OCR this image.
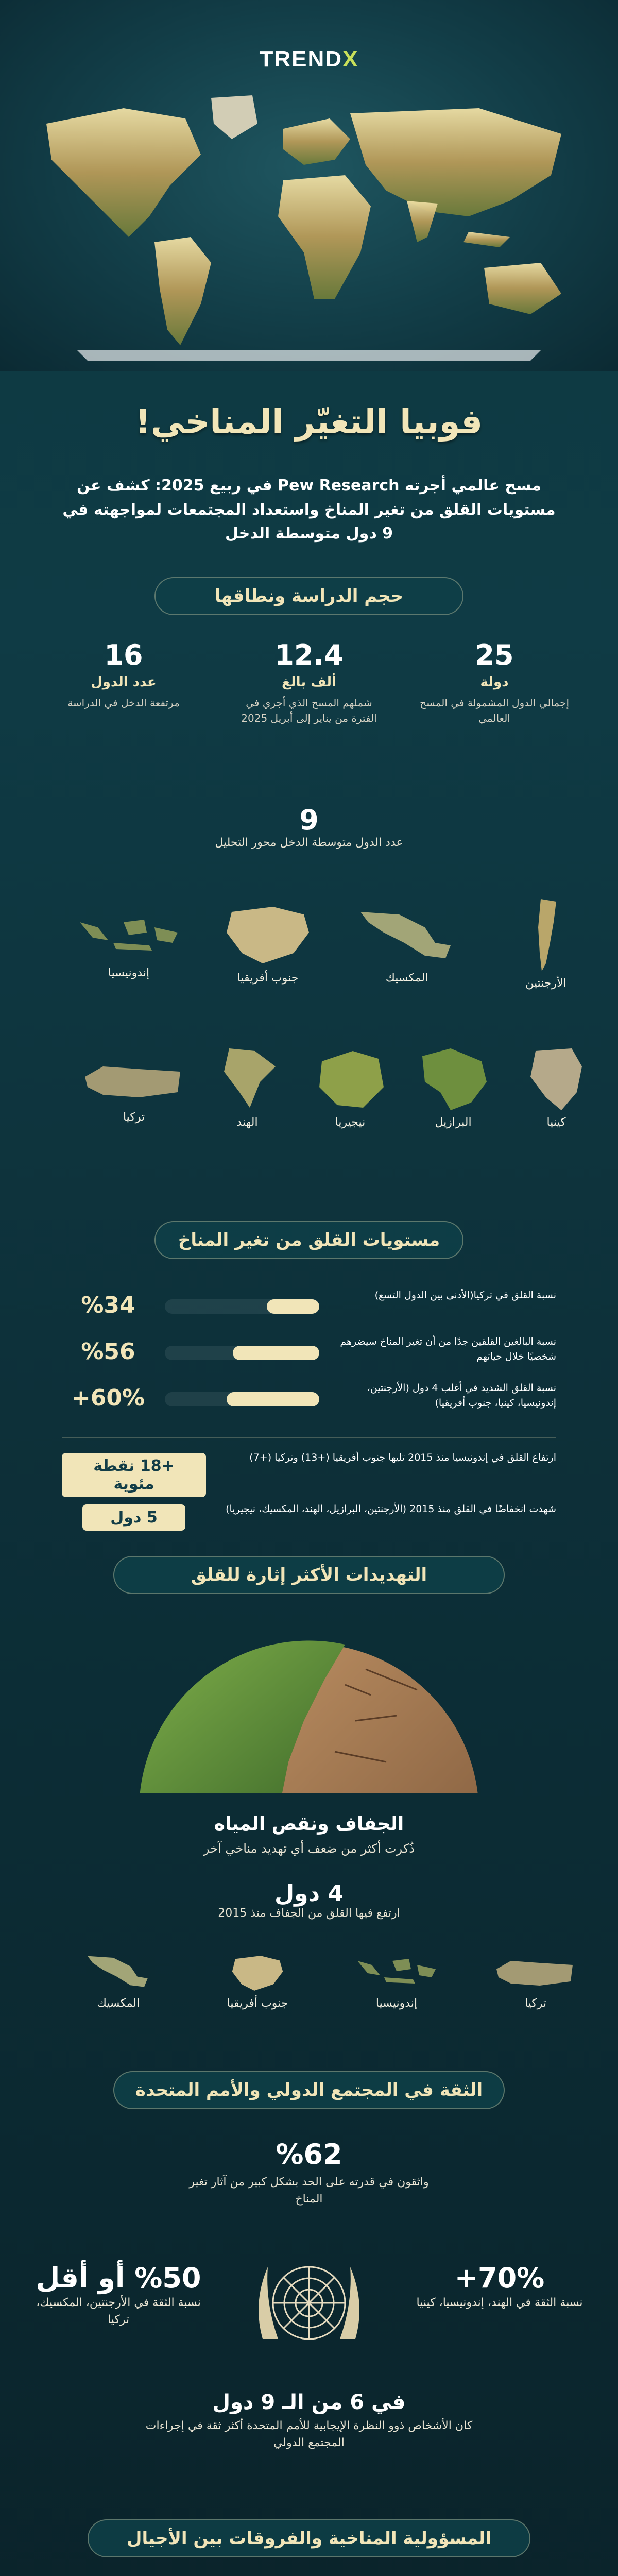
TRENDX
فوبيا التغيّر المناخي!
مسح عالمي أجرته Pew Research في ربيع 2025: كشف عن مستويات القلق من تغير المناخ واستعداد المجتمعات لمواجهته في 9 دول متوسطة الدخل
حجم الدراسة ونطاقها
25
دولة
إجمالي الدول المشمولة في المسح العالمي
12.4
ألف بالغ
شملهم المسح الذي أجري في الفترة من يناير إلى أبريل 2025
16
عدد الدول
مرتفعة الدخل في الدراسة
9
عدد الدول متوسطة الدخل محور التحليل
الأرجنتين
المكسيك
جنوب أفريقيا
إندونيسيا
كينيا
البرازيل
نيجيريا
الهند
تركيا
مستويات القلق من تغير المناخ
%34	نسبة القلق في تركيا(الأدنى بين الدول التسع)
%56	نسبة البالغين القلقين جدًا من أن تغير المناخ سيضرهم شخصيًا خلال حياتهم
+60%	نسبة القلق الشديد في أغلب 4 دول (الأرجنتين، إندونيسيا، كينيا، جنوب أفريقيا)
+18 نقطة مئوية
ارتفاع القلق في إندونيسيا منذ 2015 تليها جنوب أفريقيا (+13) وتركيا (+7)
5 دول	شهدت انخفاضًا في القلق منذ 2015 (الأرجنتين، البرازيل، الهند، المكسيك، نيجيريا)
التهديدات الأكثر إثارة للقلق
الجفاف ونقص المياه
ذُكرت أكثر من ضعف أي تهديد مناخي آخر
4 دول
ارتفع فيها القلق من الجفاف منذ 2015
تركيا
إندونيسيا
جنوب أفريقيا
المكسيك
الثقة في المجتمع الدولي والأمم المتحدة
%62
واثقون في قدرته على الحد بشكل كبير من آثار تغير المناخ
+70%
نسبة الثقة في الهند، إندونيسيا، كينيا
%50 أو أقل
نسبة الثقة في الأرجنتين، المكسيك، تركيا
في 6 من الـ 9 دول
كان الأشخاص ذوو النظرة الإيجابية للأمم المتحدة أكثر ثقة في إجراءات المجتمع الدولي
المسؤولية المناخية والفروقات بين الأجيال
